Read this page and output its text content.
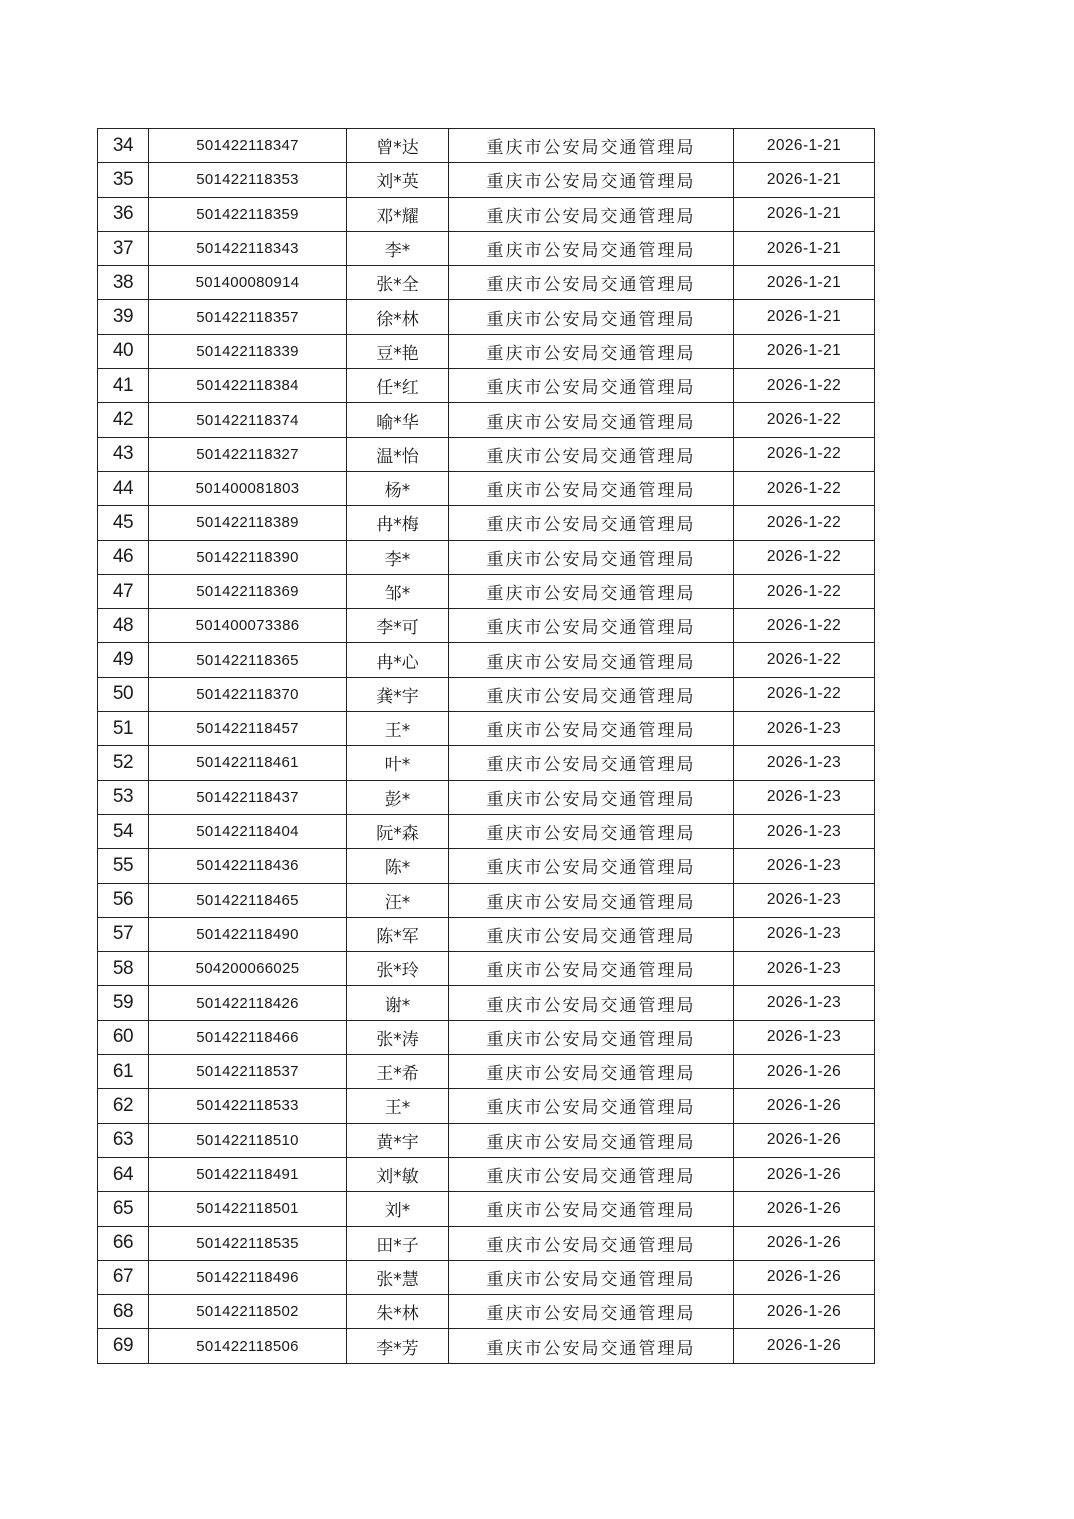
34	501422118347	曾*达	重庆市公安局交通管理局	2026-1-21
35	501422118353	刘*英	重庆市公安局交通管理局	2026-1-21
36	501422118359	邓*耀	重庆市公安局交通管理局	2026-1-21
37	501422118343	李*	重庆市公安局交通管理局	2026-1-21
38	501400080914	张*全	重庆市公安局交通管理局	2026-1-21
39	501422118357	徐*林	重庆市公安局交通管理局	2026-1-21
40	501422118339	豆*艳	重庆市公安局交通管理局	2026-1-21
41	501422118384	任*红	重庆市公安局交通管理局	2026-1-22
42	501422118374	喻*华	重庆市公安局交通管理局	2026-1-22
43	501422118327	温*怡	重庆市公安局交通管理局	2026-1-22
44	501400081803	杨*	重庆市公安局交通管理局	2026-1-22
45	501422118389	冉*梅	重庆市公安局交通管理局	2026-1-22
46	501422118390	李*	重庆市公安局交通管理局	2026-1-22
47	501422118369	邹*	重庆市公安局交通管理局	2026-1-22
48	501400073386	李*可	重庆市公安局交通管理局	2026-1-22
49	501422118365	冉*心	重庆市公安局交通管理局	2026-1-22
50	501422118370	龚*宇	重庆市公安局交通管理局	2026-1-22
51	501422118457	王*	重庆市公安局交通管理局	2026-1-23
52	501422118461	叶*	重庆市公安局交通管理局	2026-1-23
53	501422118437	彭*	重庆市公安局交通管理局	2026-1-23
54	501422118404	阮*森	重庆市公安局交通管理局	2026-1-23
55	501422118436	陈*	重庆市公安局交通管理局	2026-1-23
56	501422118465	汪*	重庆市公安局交通管理局	2026-1-23
57	501422118490	陈*军	重庆市公安局交通管理局	2026-1-23
58	504200066025	张*玲	重庆市公安局交通管理局	2026-1-23
59	501422118426	谢*	重庆市公安局交通管理局	2026-1-23
60	501422118466	张*涛	重庆市公安局交通管理局	2026-1-23
61	501422118537	王*希	重庆市公安局交通管理局	2026-1-26
62	501422118533	王*	重庆市公安局交通管理局	2026-1-26
63	501422118510	黄*宇	重庆市公安局交通管理局	2026-1-26
64	501422118491	刘*敏	重庆市公安局交通管理局	2026-1-26
65	501422118501	刘*	重庆市公安局交通管理局	2026-1-26
66	501422118535	田*子	重庆市公安局交通管理局	2026-1-26
67	501422118496	张*慧	重庆市公安局交通管理局	2026-1-26
68	501422118502	朱*林	重庆市公安局交通管理局	2026-1-26
69	501422118506	李*芳	重庆市公安局交通管理局	2026-1-26
